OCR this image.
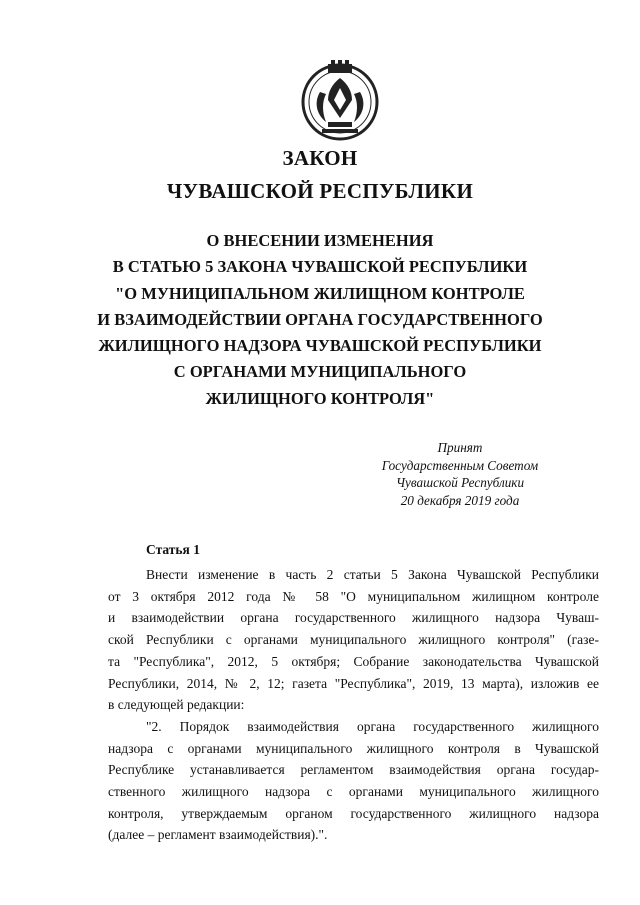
ЗАКОН
ЧУВАШСКОЙ РЕСПУБЛИКИ
О ВНЕСЕНИИ ИЗМЕНЕНИЯ
В СТАТЬЮ 5 ЗАКОНА ЧУВАШСКОЙ РЕСПУБЛИКИ
"О МУНИЦИПАЛЬНОМ ЖИЛИЩНОМ КОНТРОЛЕ
И ВЗАИМОДЕЙСТВИИ ОРГАНА ГОСУДАРСТВЕННОГО
ЖИЛИЩНОГО НАДЗОРА ЧУВАШСКОЙ РЕСПУБЛИКИ
С ОРГАНАМИ МУНИЦИПАЛЬНОГО
ЖИЛИЩНОГО КОНТРОЛЯ"
Принят
Государственным Советом
Чувашской Республики
20 декабря 2019 года
Статья 1
Внести изменение в часть 2 статьи 5 Закона Чувашской Республики
от 3 октября 2012 года № 58 "О муниципальном жилищном контроле
и взаимодействии органа государственного жилищного надзора Чуваш-
ской Республики с органами муниципального жилищного контроля" (газе-
та "Республика", 2012, 5 октября; Собрание законодательства Чувашской
Республики, 2014, № 2, 12; газета "Республика", 2019, 13 марта), изложив ее
в следующей редакции:
"2. Порядок взаимодействия органа государственного жилищного
надзора с органами муниципального жилищного контроля в Чувашской
Республике устанавливается регламентом взаимодействия органа государ-
ственного жилищного надзора с органами муниципального жилищного
контроля, утверждаемым органом государственного жилищного надзора
(далее – регламент взаимодействия).".
